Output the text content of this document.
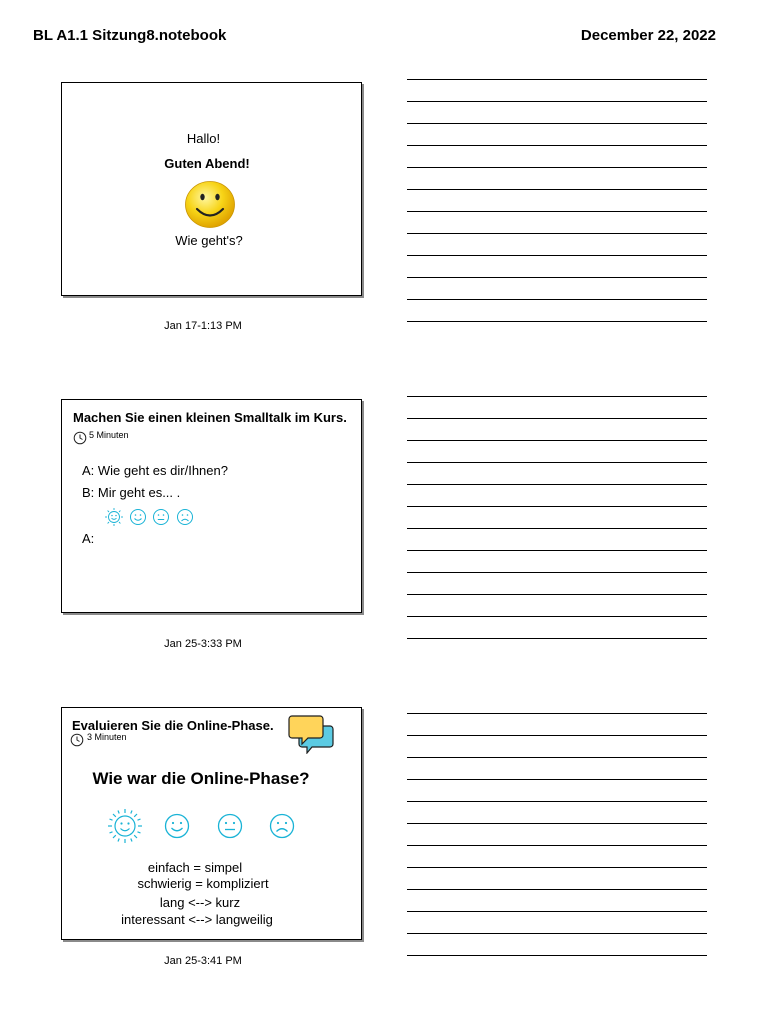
BL A1.1 Sitzung8.notebook	December 22, 2022
Hallo!
Guten Abend!
Wie geht's?
Jan 17-1:13 PM
Machen Sie einen kleinen Smalltalk im Kurs.
5 Minuten
A: Wie geht es dir/Ihnen?
B: Mir geht es... .
A:
Jan 25-3:33 PM
Evaluieren Sie die Online-Phase.
3 Minuten
Wie war die Online-Phase?
einfach = simpel
schwierig = kompliziert
lang <--> kurz
interessant <--> langweilig
Jan 25-3:41 PM
